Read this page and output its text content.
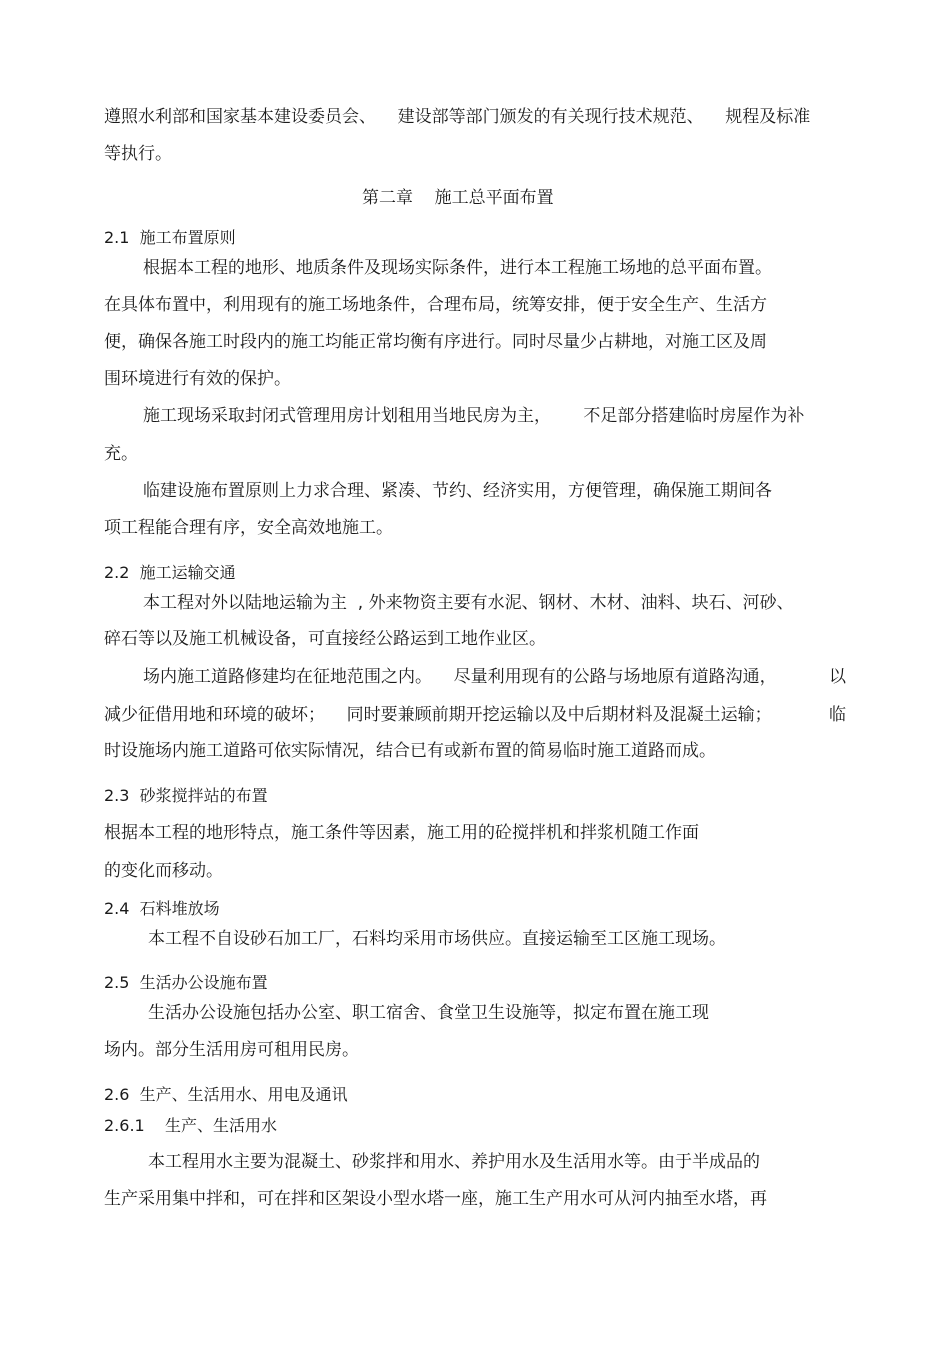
遵照水利部和国家基本建设委员会、    建设部等部门颁发的有关现行技术规范、    规程及标准
等执行。
第二章    施工总平面布置
2.1  施工布置原则
根据本工程的地形、地质条件及现场实际条件，进行本工程施工场地的总平面布置。
在具体布置中，利用现有的施工场地条件，合理布局，统筹安排，便于安全生产、生活方
便，确保各施工时段内的施工均能正常均衡有序进行。同时尽量少占耕地，对施工区及周
围环境进行有效的保护。
施工现场采取封闭式管理用房计划租用当地民房为主，      不足部分搭建临时房屋作为补
充。
临建设施布置原则上力求合理、紧凑、节约、经济实用，方便管理，确保施工期间各
项工程能合理有序，安全高效地施工。
2.2  施工运输交通
本工程对外以陆地运输为主  , 外来物资主要有水泥、钢材、木材、油料、块石、河砂、
碎石等以及施工机械设备，可直接经公路运到工地作业区。
场内施工道路修建均在征地范围之内。    尽量利用现有的公路与场地原有道路沟通，	以
减少征借用地和环境的破坏；    同时要兼顾前期开挖运输以及中后期材料及混凝土运输；	临
时设施场内施工道路可依实际情况，结合已有或新布置的简易临时施工道路而成。
2.3  砂浆搅拌站的布置
根据本工程的地形特点，施工条件等因素，施工用的砼搅拌机和拌浆机随工作面
的变化而移动。
2.4  石料堆放场
本工程不自设砂石加工厂，石料均采用市场供应。直接运输至工区施工现场。
2.5  生活办公设施布置
生活办公设施包括办公室、职工宿舍、食堂卫生设施等，拟定布置在施工现
场内。部分生活用房可租用民房。
2.6  生产、生活用水、用电及通讯
2.6.1    生产、生活用水
本工程用水主要为混凝土、砂浆拌和用水、养护用水及生活用水等。由于半成品的
生产采用集中拌和，可在拌和区架设小型水塔一座，施工生产用水可从河内抽至水塔，再
